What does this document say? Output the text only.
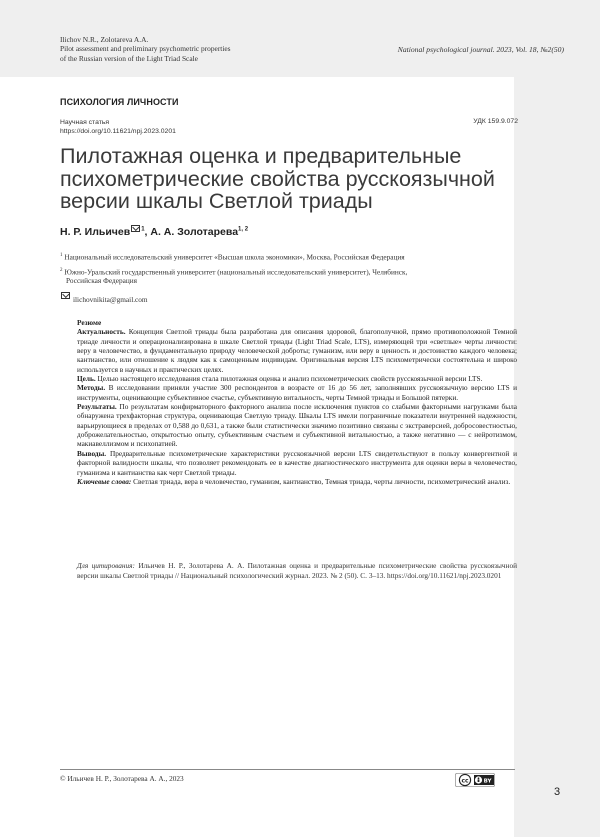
Ilichov N.R., Zolotareva A.A.
Pilot assessment and preliminary psychometric properties
of the Russian version of the Light Triad Scale
National psychological journal. 2023, Vol. 18, №2(50)
ПСИХОЛОГИЯ ЛИЧНОСТИ
Научная статья
https://doi.org/10.11621/npj.2023.0201
УДК 159.9.072
Пилотажная оценка и предварительные психометрические свойства русскоязычной версии шкалы Светлой триады
Н. Р. Ильичев $^1$, А. А. Золотарева$^{1, 2}$
$^1$ Национальный исследовательский университет «Высшая школа экономики», Москва, Российская Федерация
$^2$ Южно-Уральский государственный университет (национальный исследовательский университет), Челябинск,
Российская Федерация
ilichovnikita@gmail.com

Резюме

Актуальность. Концепция Светлой триады была разработана для описания здоровой, благополучной, прямо противоположной Темной триаде личности и операционализирована в шкале Светлой триады (Light Triad Scale, LTS), измеряющей три «светлые» черты личности: веру в человечество, в фундаментальную природу человеческой доброты; гуманизм, или веру в ценность и достоинство каждого человека; кантианство, или отношение к людям как к самоценным индивидам. Оригинальная версия LTS психометрически состоятельна и широко используется в научных и практических целях.

Цель. Целью настоящего исследования стала пилотажная оценка и анализ психометрических свойств русскоязычной версии LTS.

Методы. В исследовании приняли участие 300 респондентов в возрасте от 16 до 56 лет, заполнявших русскоязычную версию LTS и инструменты, оценивающие субъективное счастье, субъективную витальность, черты Темной триады и Большой пятерки.

Результаты. По результатам конфирматорного факторного анализа после исключения пунктов со слабыми факторными нагрузками была обнаружена трехфакторная структура, оценивающая Светлую триаду. Шкалы LTS имели пограничные показатели внутренней надежности, варьирующиеся в пределах от 0,588 до 0,631, а также были статистически значимо позитивно связаны с экстраверсией, добросовестностью, доброжелательностью, открытостью опыту, субъективным счастьем и субъективной витальностью, а также негативно — с нейротизмом, макиавеллизмом и психопатией.

Выводы. Предварительные психометрические характеристики русскоязычной версии LTS свидетельствуют в пользу конвергентной и факторной валидности шкалы, что позволяет рекомендовать ее в качестве диагностического инструмента для оценки веры в человечество, гуманизма и кантианства как черт Светлой триады.

Ключевые слова: Светлая триада, вера в человечество, гуманизм, кантианство, Темная триада, черты личности, психометрический анализ.

Для цитирования: Ильичев Н. Р., Золотарева А. А. Пилотажная оценка и предварительные психометрические свойства русскоязычной версии шкалы Светлой триады // Национальный психологический журнал. 2023. № 2 (50). С. 3–13. https://doi.org/10.11621/npj.2023.0201
© Ильичев Н. Р., Золотарева А. А., 2023	cc	BY
3
